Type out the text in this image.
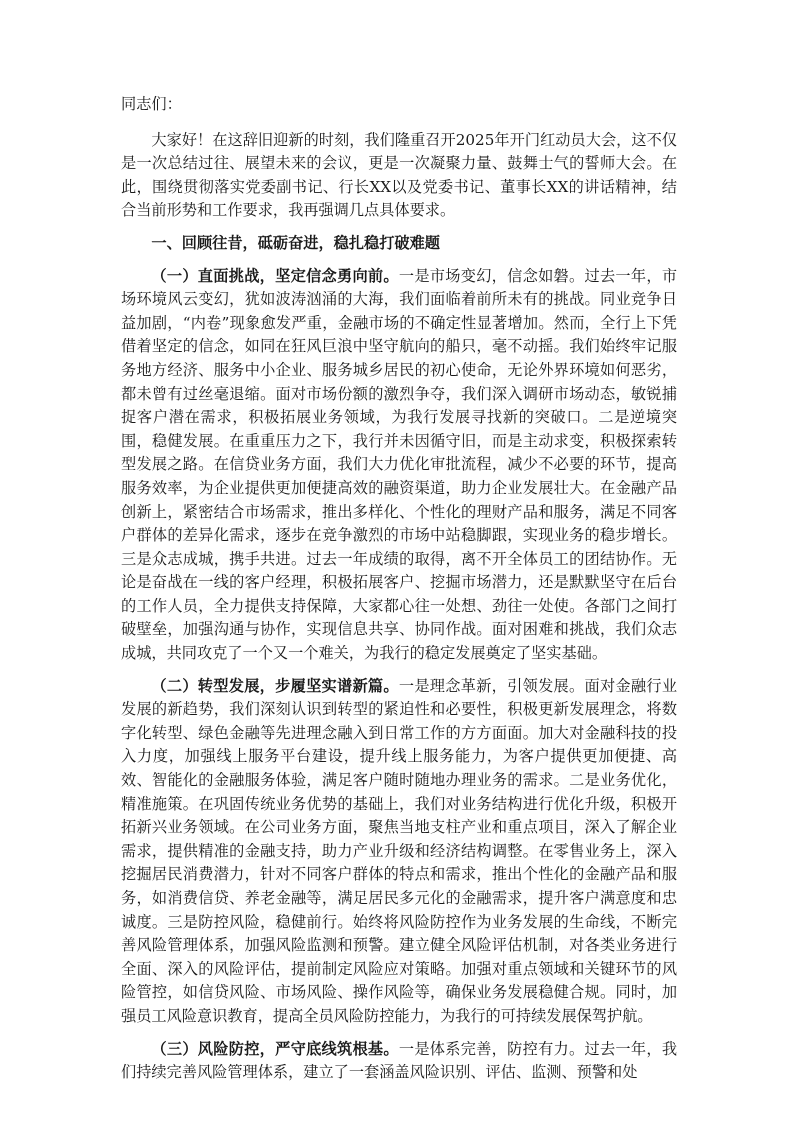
同志们：

大家好！在这辞旧迎新的时刻，我们隆重召开2025年开门红动员大会，这不仅是一次总结过往、展望未来的会议，更是一次凝聚力量、鼓舞士气的誓师大会。在此，围绕贯彻落实党委副书记、行长XX以及党委书记、董事长XX的讲话精神，结合当前形势和工作要求，我再强调几点具体要求。

一、回顾往昔，砥砺奋进，稳扎稳打破难题

（一）直面挑战，坚定信念勇向前。一是市场变幻，信念如磐。过去一年，市场环境风云变幻，犹如波涛汹涌的大海，我们面临着前所未有的挑战。同业竞争日益加剧，“内卷”现象愈发严重，金融市场的不确定性显著增加。然而，全行上下凭借着坚定的信念，如同在狂风巨浪中坚守航向的船只，毫不动摇。我们始终牢记服务地方经济、服务中小企业、服务城乡居民的初心使命，无论外界环境如何恶劣，都未曾有过丝毫退缩。面对市场份额的激烈争夺，我们深入调研市场动态，敏锐捕捉客户潜在需求，积极拓展业务领域，为我行发展寻找新的突破口。二是逆境突围，稳健发展。在重重压力之下，我行并未因循守旧，而是主动求变，积极探索转型发展之路。在信贷业务方面，我们大力优化审批流程，减少不必要的环节，提高服务效率，为企业提供更加便捷高效的融资渠道，助力企业发展壮大。在金融产品创新上，紧密结合市场需求，推出多样化、个性化的理财产品和服务，满足不同客户群体的差异化需求，逐步在竞争激烈的市场中站稳脚跟，实现业务的稳步增长。三是众志成城，携手共进。过去一年成绩的取得，离不开全体员工的团结协作。无论是奋战在一线的客户经理，积极拓展客户、挖掘市场潜力，还是默默坚守在后台的工作人员，全力提供支持保障，大家都心往一处想、劲往一处使。各部门之间打破壁垒，加强沟通与协作，实现信息共享、协同作战。面对困难和挑战，我们众志成城，共同攻克了一个又一个难关，为我行的稳定发展奠定了坚实基础。

（二）转型发展，步履坚实谱新篇。一是理念革新，引领发展。面对金融行业发展的新趋势，我们深刻认识到转型的紧迫性和必要性，积极更新发展理念，将数字化转型、绿色金融等先进理念融入到日常工作的方方面面。加大对金融科技的投入力度，加强线上服务平台建设，提升线上服务能力，为客户提供更加便捷、高效、智能化的金融服务体验，满足客户随时随地办理业务的需求。二是业务优化，精准施策。在巩固传统业务优势的基础上，我们对业务结构进行优化升级，积极开拓新兴业务领域。在公司业务方面，聚焦当地支柱产业和重点项目，深入了解企业需求，提供精准的金融支持，助力产业升级和经济结构调整。在零售业务上，深入挖掘居民消费潜力，针对不同客户群体的特点和需求，推出个性化的金融产品和服务，如消费信贷、养老金融等，满足居民多元化的金融需求，提升客户满意度和忠诚度。三是防控风险，稳健前行。始终将风险防控作为业务发展的生命线，不断完善风险管理体系，加强风险监测和预警。建立健全风险评估机制，对各类业务进行全面、深入的风险评估，提前制定风险应对策略。加强对重点领域和关键环节的风险管控，如信贷风险、市场风险、操作风险等，确保业务发展稳健合规。同时，加强员工风险意识教育，提高全员风险防控能力，为我行的可持续发展保驾护航。

（三）风险防控，严守底线筑根基。一是体系完善，防控有力。过去一年，我们持续完善风险管理体系，建立了一套涵盖风险识别、评估、监测、预警和处
